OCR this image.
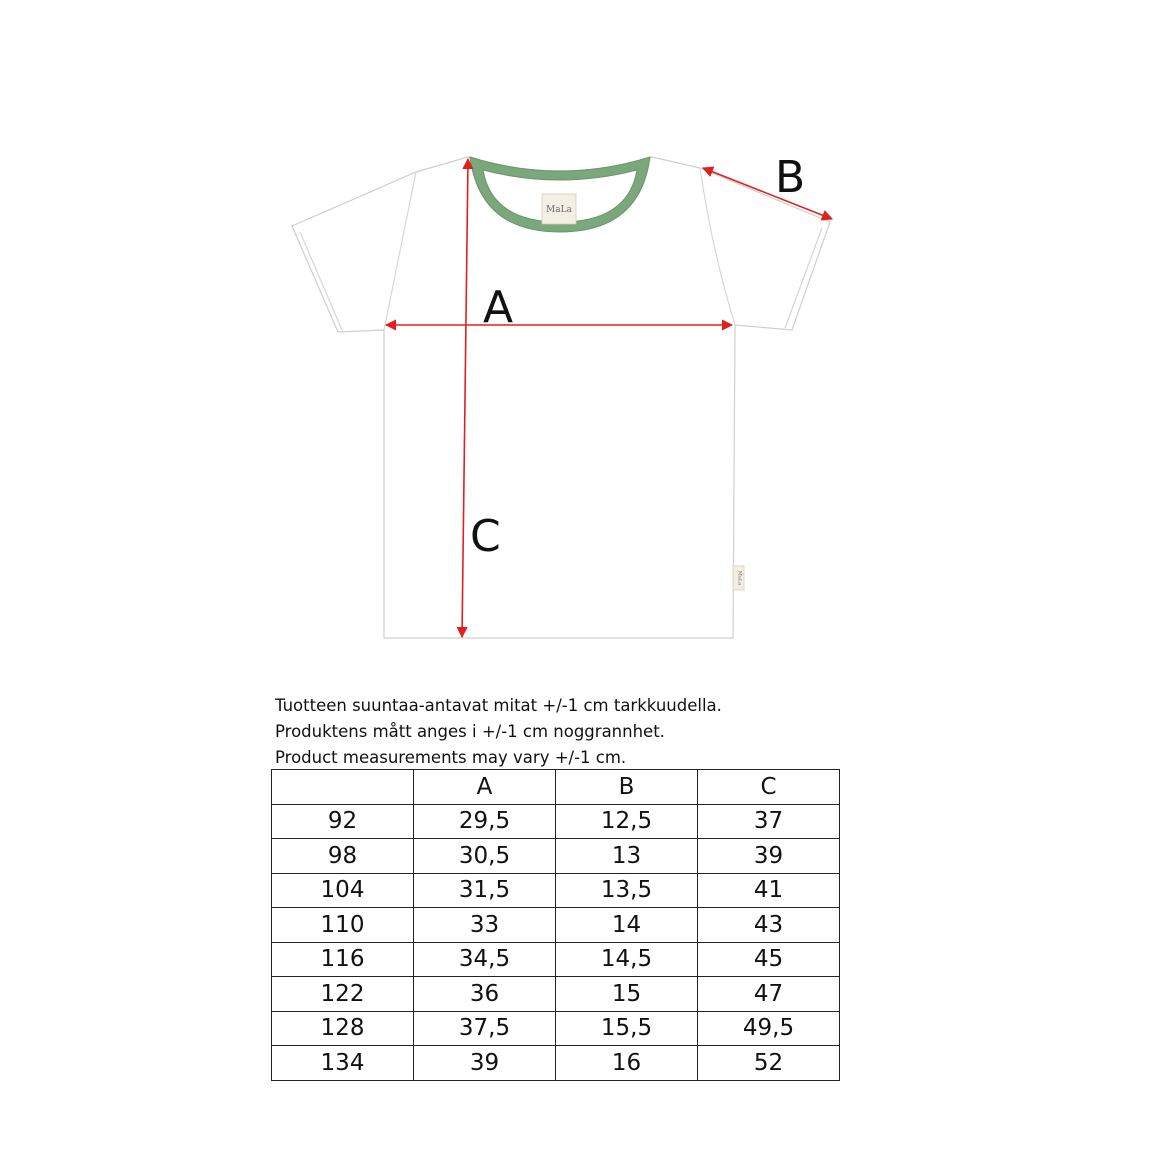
MaLa
MaLa
A
B
C
Tuotteen suuntaa-antavat mitat +/-1 cm tarkkuudella.
Produktens mått anges i +/-1 cm noggrannhet.
Product measurements may vary +/-1 cm.
	A	B	C
92	29,5	12,5	37
98	30,5	13	39
104	31,5	13,5	41
110	33	14	43
116	34,5	14,5	45
122	36	15	47
128	37,5	15,5	49,5
134	39	16	52
